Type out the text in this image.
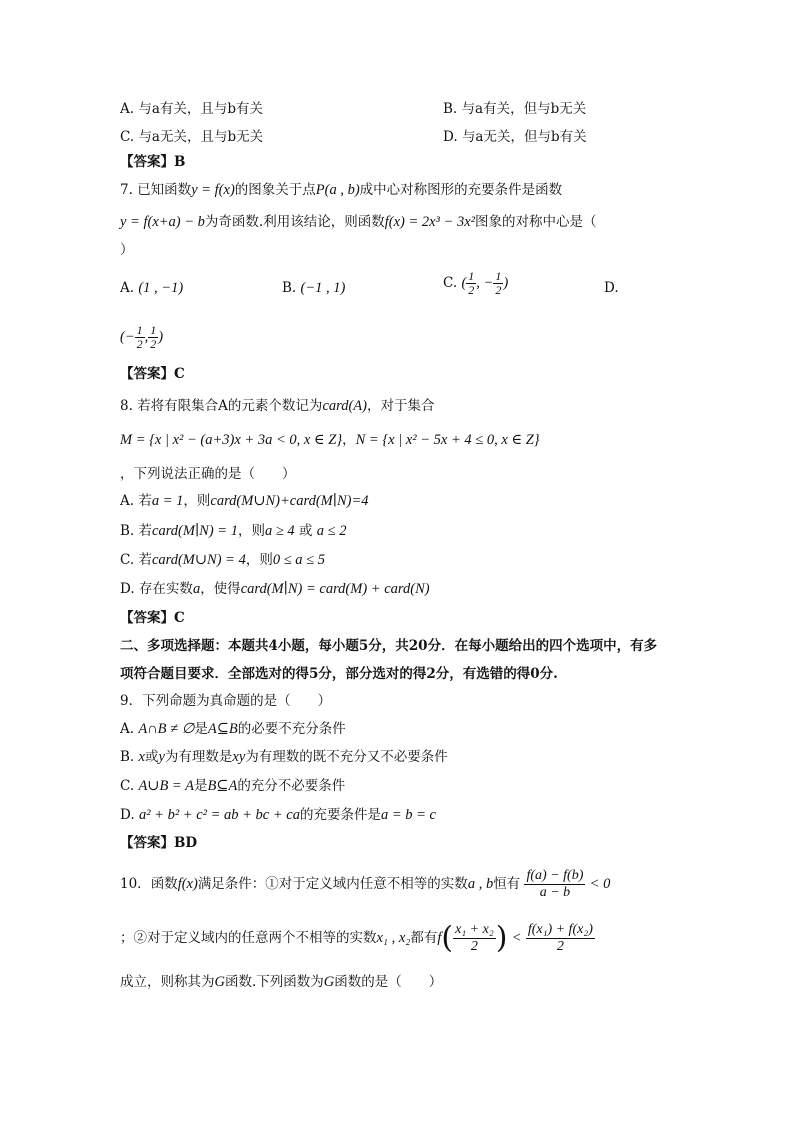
A. 与a有关，且与b有关	B. 与a有关，但与b无关
C. 与a无关，且与b无关	D. 与a无关，但与b有关
【答案】B
7. 已知函数y = f(x)的图象关于点P(a , b)成中心对称图形的充要条件是函数
y = f(x+a) − b为奇函数.利用该结论，则函数f(x) = 2x³ − 3x²图象的对称中心是（
）
A. (1 , −1)	B. (−1 , 1)	C. ( $\frac{1}{2}$ , − $\frac{1}{2}$ )	D.
(− $\frac{1}{2}$ , $\frac{1}{2}$ )
【答案】C
8. 若将有限集合A的元素个数记为card(A)，对于集合
M = {x | x² − (a+3)x + 3a < 0, x ∈ Z}，N = {x | x² − 5x + 4 ≤ 0, x ∈ Z}
，下列说法正确的是（　　）
A. 若a = 1，则card(M∪N)+card(M∣N)=4
B. 若card(M∣N) = 1，则a ≥ 4 或 a ≤ 2
C. 若card(M∪N) = 4，则0 ≤ a ≤ 5
D. 存在实数a，使得card(M∣N) = card(M) + card(N)
【答案】C
二、多项选择题：本题共4小题，每小题5分，共20分．在每小题给出的四个选项中，有多
项符合题目要求．全部选对的得5分，部分选对的得2分，有选错的得0分.
9．下列命题为真命题的是（　　）
A. A∩B ≠ ∅是A⊆B的必要不充分条件
B. x或y为有理数是xy为有理数的既不充分又不必要条件
C. A∪B = A是B⊆A的充分不必要条件
D. a² + b² + c² = ab + bc + ca的充要条件是a = b = c
【答案】BD
10．函数f(x)满足条件：①对于定义域内任意不相等的实数a , b恒有 $\frac{f(a) - f(b)}{a - b} < 0$
；②对于定义域内的任意两个不相等的实数x₁ , x₂都有$f( \frac{\text{x₁ + x₂}}{2}$ ) < $\frac{\text{f(x₁) + f(x₂)}}{2}$
成立，则称其为G函数.下列函数为G函数的是（　　）
